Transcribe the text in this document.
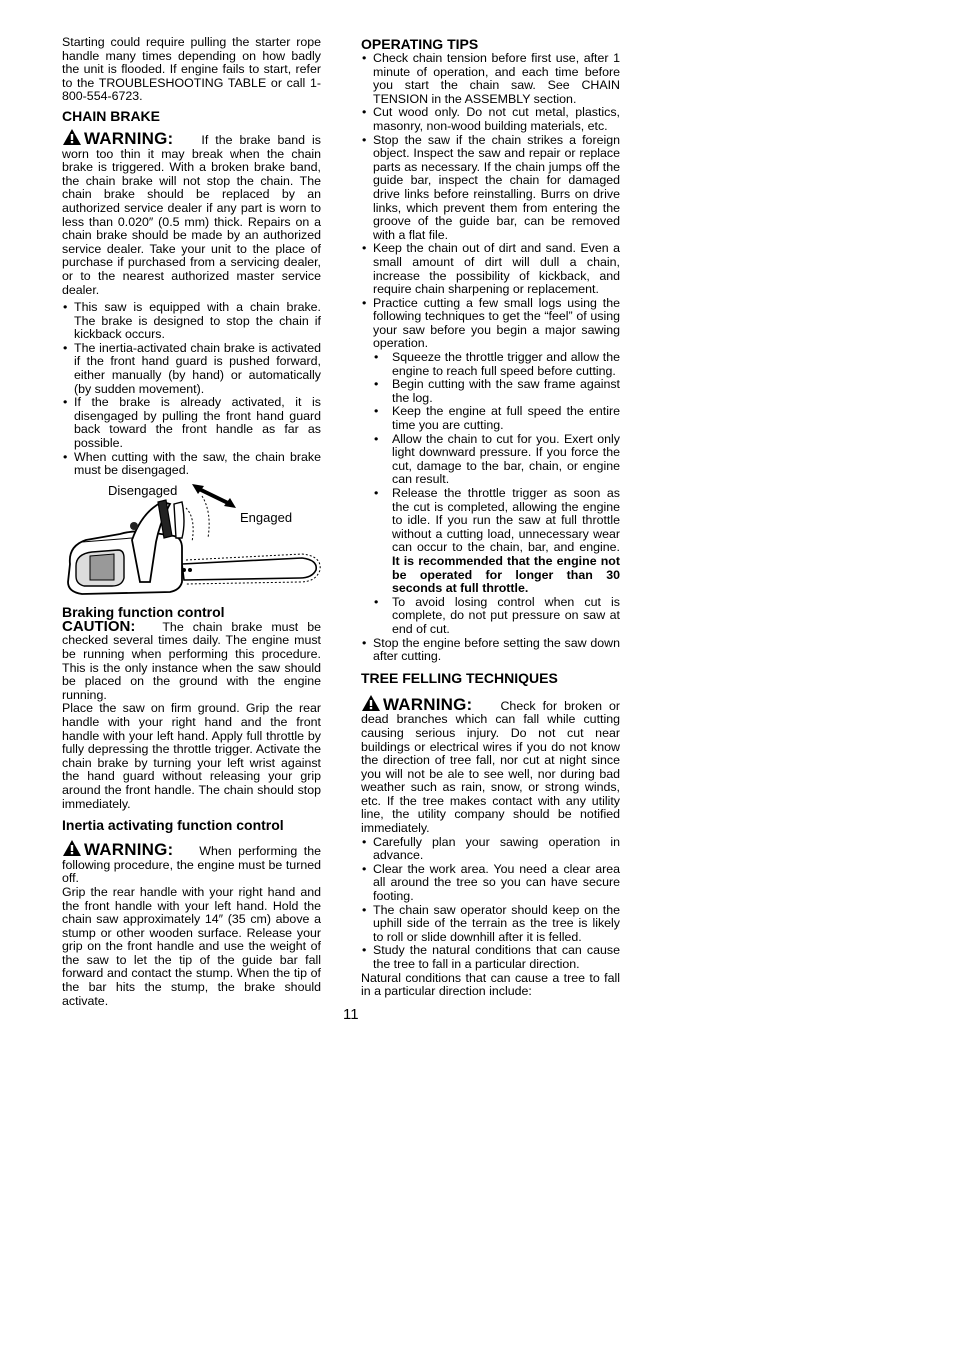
Starting could require pulling the starter rope handle many times depending on how badly the unit is flooded. If engine fails to start, refer to the TROUBLESHOOTING TABLE or call 1-800-554-6723.

CHAIN BRAKE

WARNING: If the brake band is worn too thin it may break when the chain brake is triggered. With a broken brake band, the chain brake will not stop the chain. The chain brake should be replaced by an authorized service dealer if any part is worn to less than 0.020″ (0.5 mm) thick. Repairs on a chain brake should be made by an authorized service dealer. Take your unit to the place of purchase if purchased from a servicing dealer, or to the nearest authorized master service dealer.

• This saw is equipped with a chain brake. The brake is designed to stop the chain if kickback occurs.
• The inertia-activated chain brake is activated if the front hand guard is pushed forward, either manually (by hand) or automatically (by sudden movement).
• If the brake is already activated, it is disengaged by pulling the front hand guard back toward the front handle as far as possible.
• When cutting with the saw, the chain brake must be disengaged.
Disengaged
Engaged
Braking function control

CAUTION: The chain brake must be checked several times daily. The engine must be running when performing this procedure. This is the only instance when the saw should be placed on the ground with the engine running.

Place the saw on firm ground. Grip the rear handle with your right hand and the front handle with your left hand. Apply full throttle by fully depressing the throttle trigger. Activate the chain brake by turning your left wrist against the hand guard without releasing your grip around the front handle. The chain should stop immediately.

Inertia activating function control

WARNING: When performing the following procedure, the engine must be turned off.

Grip the rear handle with your right hand and the front handle with your left hand. Hold the chain saw approximately 14″ (35 cm) above a stump or other wooden surface. Release your grip on the front handle and use the weight of the saw to let the tip of the guide bar fall forward and contact the stump. When the tip of the bar hits the stump, the brake should activate.

OPERATING TIPS
• Check chain tension before first use, after 1 minute of operation, and each time before you start the chain saw. See CHAIN TENSION in the ASSEMBLY section.
• Cut wood only. Do not cut metal, plastics, masonry, non-wood building materials, etc.
• Stop the saw if the chain strikes a foreign object. Inspect the saw and repair or replace parts as necessary. If the chain jumps off the guide bar, inspect the chain for damaged drive links before reinstalling. Burrs on drive links, which prevent them from entering the groove of the guide bar, can be removed with a flat file.
• Keep the chain out of dirt and sand. Even a small amount of dirt will dull a chain, increase the possibility of kickback, and require chain sharpening or replacement.
• Practice cutting a few small logs using the following techniques to get the “feel” of using your saw before you begin a major sawing operation.
• Squeeze the throttle trigger and allow the engine to reach full speed before cutting.
• Begin cutting with the saw frame against the log.
• Keep the engine at full speed the entire time you are cutting.
• Allow the chain to cut for you. Exert only light downward pressure. If you force the cut, damage to the bar, chain, or engine can result.
• Release the throttle trigger as soon as the cut is completed, allowing the engine to idle. If you run the saw at full throttle without a cutting load, unnecessary wear can occur to the chain, bar, and engine. It is recommended that the engine not be operated for longer than 30 seconds at full throttle.
• To avoid losing control when cut is complete, do not put pressure on saw at end of cut.
• Stop the engine before setting the saw down after cutting.
TREE FELLING TECHNIQUES

WARNING: Check for broken or dead branches which can fall while cutting causing serious injury. Do not cut near buildings or electrical wires if you do not know the direction of tree fall, nor cut at night since you will not be ale to see well, nor during bad weather such as rain, snow, or strong winds, etc. If the tree makes contact with any utility line, the utility company should be notified immediately.

• Carefully plan your sawing operation in advance.
• Clear the work area. You need a clear area all around the tree so you can have secure footing.
• The chain saw operator should keep on the uphill side of the terrain as the tree is likely to roll or slide downhill after it is felled.
• Study the natural conditions that can cause the tree to fall in a particular direction.

Natural conditions that can cause a tree to fall in a particular direction include:

11
